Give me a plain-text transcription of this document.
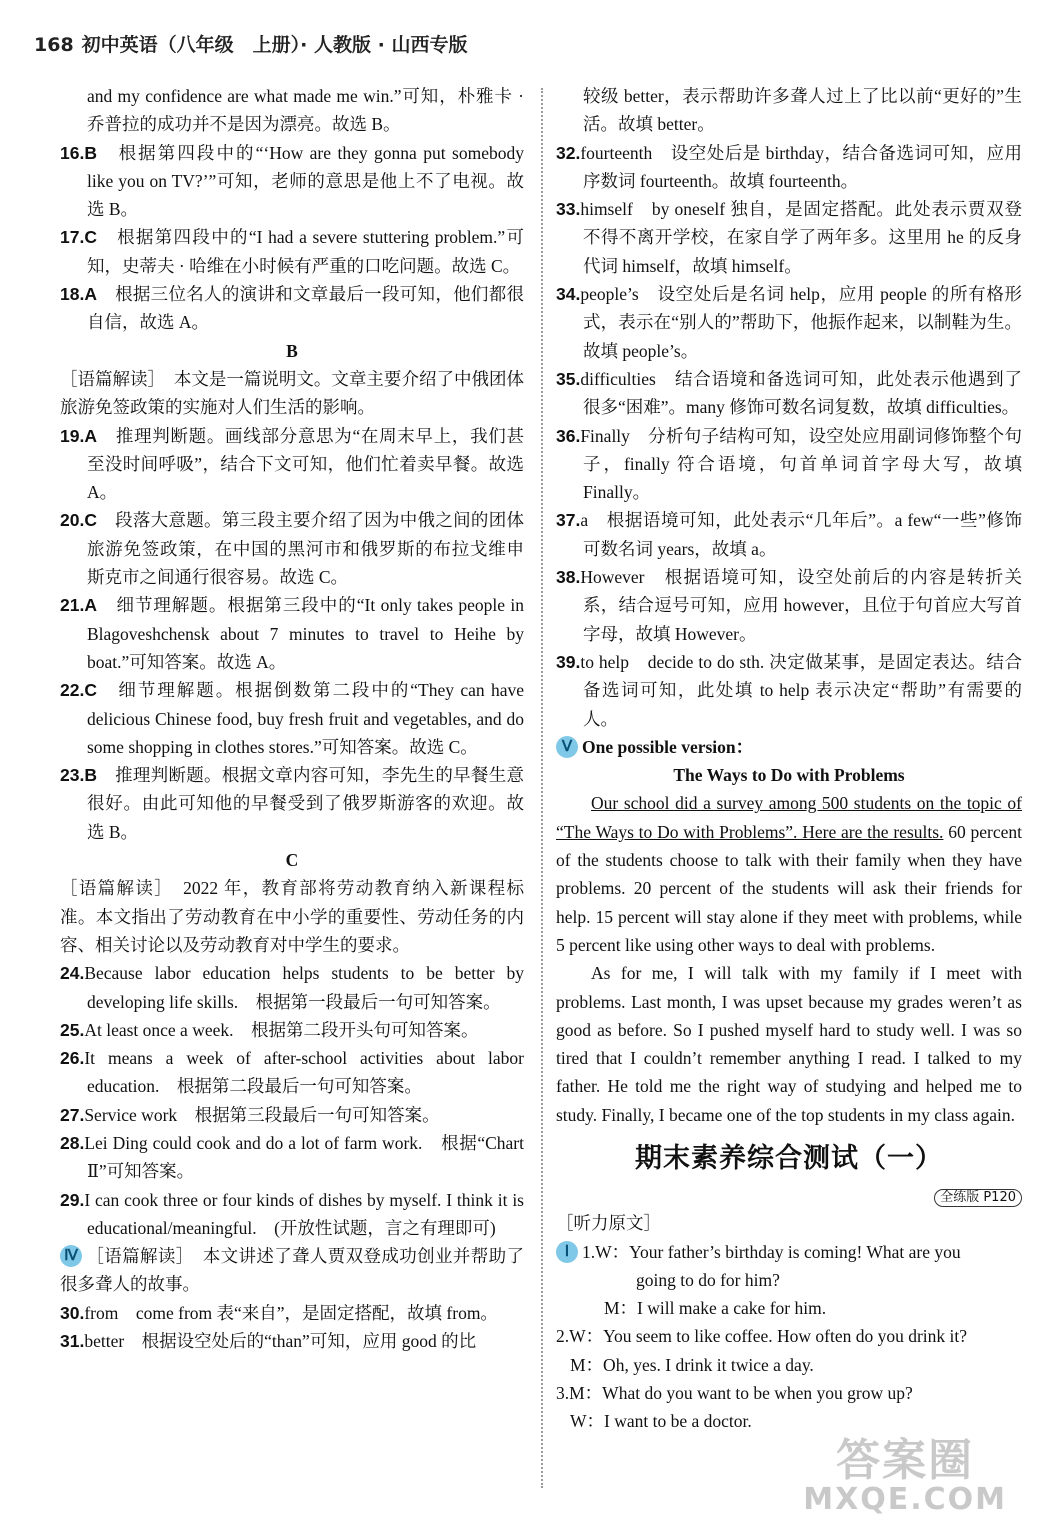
168 初中英语（八年级　上册）· 人教版 · 山西专版

and my confidence are what made me win.”可知，朴雅卡 · 乔普拉的成功并不是因为漂亮。故选 B。

16.B　 根据第四段中的“‘How are they gonna put somebody like you on TV?’”可知，老师的意思是他上不了电视。故选 B。

17.C　 根据第四段中的“I had a severe stuttering problem.”可知，史蒂夫 · 哈维在小时候有严重的口吃问题。故选 C。

18.A　 根据三位名人的演讲和文章最后一段可知，他们都很自信，故选 A。

B

［语篇解读］　本文是一篇说明文。文章主要介绍了中俄团体旅游免签政策的实施对人们生活的影响。

19.A　 推理判断题。画线部分意思为“在周末早上，我们甚至没时间呼吸”，结合下文可知，他们忙着卖早餐。故选 A。

20.C　 段落大意题。第三段主要介绍了因为中俄之间的团体旅游免签政策，在中国的黑河市和俄罗斯的布拉戈维申斯克市之间通行很容易。故选 C。

21.A　 细节理解题。根据第三段中的“It only takes people in Blagoveshchensk about 7 minutes to travel to Heihe by boat.”可知答案。故选 A。

22.C　 细节理解题。根据倒数第二段中的“They can have delicious Chinese food, buy fresh fruit and vegetables, and do some shopping in clothes stores.”可知答案。故选 C。

23.B　 推理判断题。根据文章内容可知，李先生的早餐生意很好。由此可知他的早餐受到了俄罗斯游客的欢迎。故选 B。

C

［语篇解读］　2022 年，教育部将劳动教育纳入新课程标准。本文指出了劳动教育在中小学的重要性、劳动任务的内容、相关讨论以及劳动教育对中学生的要求。

24.Because labor education helps students to be better by developing life skills.　根据第一段最后一句可知答案。

25.At least once a week.　根据第二段开头句可知答案。

26.It means a week of after-school activities about labor education.　根据第二段最后一句可知答案。

27.Service work　根据第三段最后一句可知答案。

28.Lei Ding could cook and do a lot of farm work.　根据“Chart Ⅱ”可知答案。

29.I can cook three or four kinds of dishes by myself. I think it is educational/meaningful.　(开放性试题，言之有理即可)

Ⅳ ［语篇解读］　本文讲述了聋人贾双登成功创业并帮助了很多聋人的故事。

30.from　come from 表“来自”，是固定搭配，故填 from。

31.better　根据设空处后的“than”可知，应用 good 的比

较级 better，表示帮助许多聋人过上了比以前“更好的”生活。故填 better。

32.fourteenth　设空处后是 birthday，结合备选词可知，应用序数词 fourteenth。故填 fourteenth。

33.himself　by oneself 独自，是固定搭配。此处表示贾双登不得不离开学校，在家自学了两年多。这里用 he 的反身代词 himself，故填 himself。

34.people’s　设空处后是名词 help，应用 people 的所有格形式，表示在“别人的”帮助下，他振作起来，以制鞋为生。故填 people’s。

35.difficulties　结合语境和备选词可知，此处表示他遇到了很多“困难”。many 修饰可数名词复数，故填 difficulties。

36.Finally　分析句子结构可知，设空处应用副词修饰整个句子，finally 符合语境，句首单词首字母大写，故填 Finally。

37.a　根据语境可知，此处表示“几年后”。a few“一些”修饰可数名词 years，故填 a。

38.However　根据语境可知，设空处前后的内容是转折关系，结合逗号可知，应用 however，且位于句首应大写首字母，故填 However。

39.to help　decide to do sth. 决定做某事，是固定表达。结合备选词可知，此处填 to help 表示决定“帮助”有需要的人。

Ⅴ One possible version：

The Ways to Do with Problems

Our school did a survey among 500 students on the topic of “The Ways to Do with Problems”. Here are the results. 60 percent of the students choose to talk with their family when they have problems. 20 percent of the students will ask their friends for help. 15 percent will stay alone if they meet with problems, while 5 percent like using other ways to deal with problems.

As for me, I will talk with my family if I meet with problems. Last month, I was upset because my grades weren’t as good as before. So I pushed myself hard to study well. I was so tired that I couldn’t remember anything I read. I talked to my father. He told me the right way of studying and helped me to study. Finally, I became one of the top students in my class again.

期末素养综合测试（一）

全练版 P120

［听力原文］

Ⅰ 1.W：Your father’s birthday is coming! What are you

going to do for him?

M：I will make a cake for him.

2.W：You seem to like coffee. How often do you drink it?

M：Oh, yes. I drink it twice a day.

3.M：What do you want to be when you grow up?

W：I want to be a doctor.

答案圈
MXQE.COM
